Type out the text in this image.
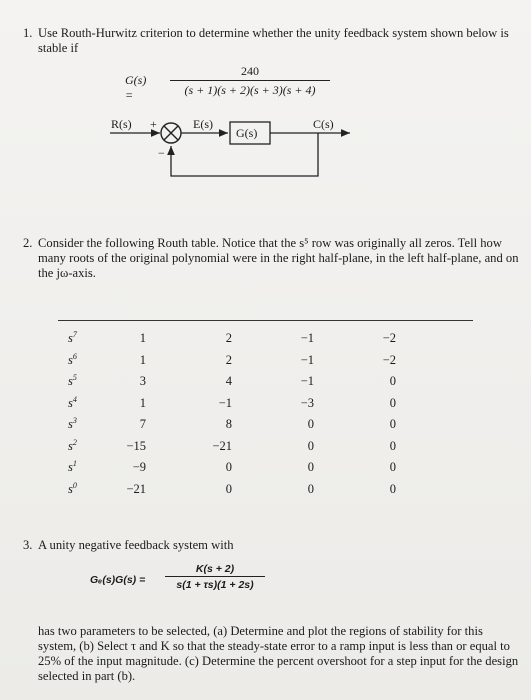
1. Use Routh-Hurwitz criterion to determine whether the unity feedback system shown below is stable if
G(s) =
240
(s + 1)(s + 2)(s + 3)(s + 4)
R(s) +
−
E(s)
G(s)
C(s)
2. Consider the following Routh table. Notice that the s⁵ row was originally all zeros. Tell how many roots of the original polynomial were in the right half-plane, in the left half-plane, and on the jω-axis.
$s^7$	1	2	−1	−2
$s^6$	1	2	−1	−2
$s^5$	3	4	−1	0
$s^4$	1	−1	−3	0
$s^3$	7	8	0	0
$s^2$	−15	−21	0	0
$s^1$	−9	0	0	0
$s^0$	−21	0	0	0
3. A unity negative feedback system with
Gₑ(s)G(s) =
K(s + 2)
s(1 + τs)(1 + 2s)
has two parameters to be selected, (a) Determine and plot the regions of stability for this system, (b) Select τ and K so that the steady-state error to a ramp input is less than or equal to 25% of the input magnitude. (c) Determine the percent overshoot for a step input for the design selected in part (b).
